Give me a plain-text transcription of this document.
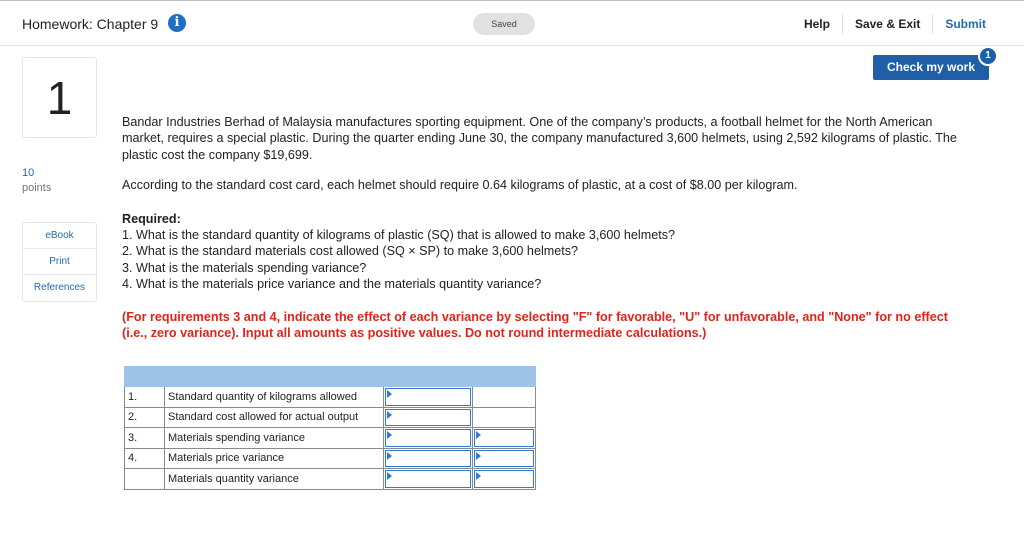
Homework: Chapter 9	i	Saved	Help	Save & Exit	Submit
1
10
points
eBook
Print
References
Check my work
1

Bandar Industries Berhad of Malaysia manufactures sporting equipment. One of the company’s products, a football helmet for the North American market, requires a special plastic. During the quarter ending June 30, the company manufactured 3,600 helmets, using 2,592 kilograms of plastic. The plastic cost the company $19,699.

According to the standard cost card, each helmet should require 0.64 kilograms of plastic, at a cost of $8.00 per kilogram.

Required:
1. What is the standard quantity of kilograms of plastic (SQ) that is allowed to make 3,600 helmets?
2. What is the standard materials cost allowed (SQ × SP) to make 3,600 helmets?
3. What is the materials spending variance?
4. What is the materials price variance and the materials quantity variance?

(For requirements 3 and 4, indicate the effect of each variance by selecting "F" for favorable, "U" for unfavorable, and "None" for no effect (i.e., zero variance). Input all amounts as positive values. Do not round intermediate calculations.)

1.	Standard quantity of kilograms allowed	

2.	Standard cost allowed for actual output	

3.	Materials spending variance	

4.	Materials price variance	

	Materials quantity variance	
